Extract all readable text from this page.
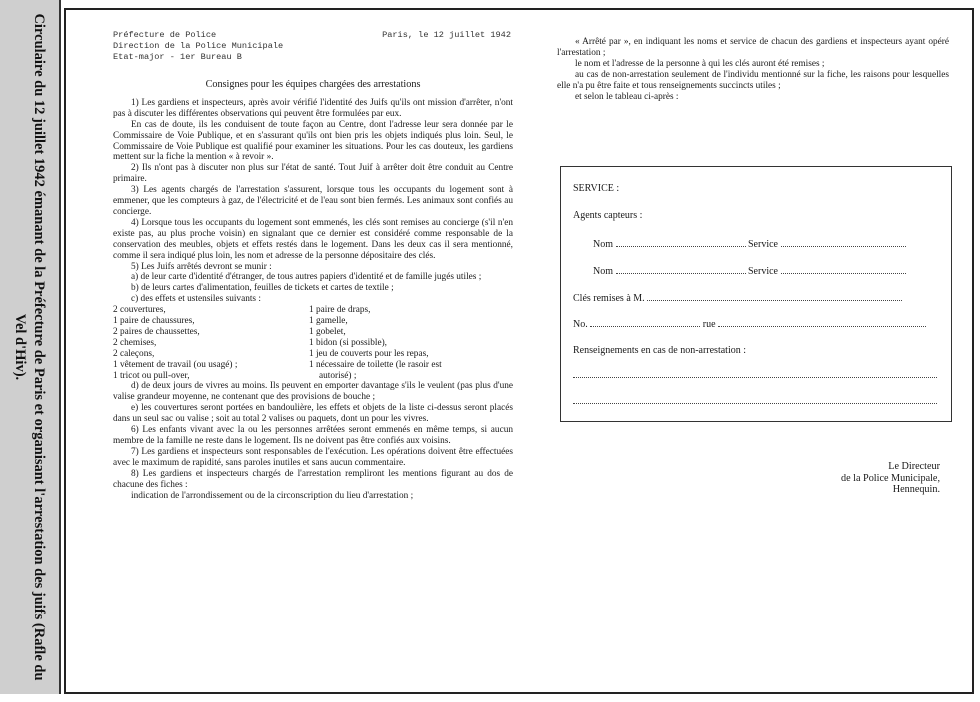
Circulaire du 12 juillet 1942 émanant de la Préfecture de Paris et organisant l'arrestation des juifs (Rafle du Vel d'Hiv).
Préfecture de Police
Direction de la Police Municipale
Etat-major - 1er Bureau B
Paris, le 12 juillet 1942
Consignes pour les équipes chargées des arrestations

1) Les gardiens et inspecteurs, après avoir vérifié l'identité des Juifs qu'ils ont mission d'arrêter, n'ont pas à discuter les différentes observations qui peuvent être formulées par eux.

En cas de doute, ils les conduisent de toute façon au Centre, dont l'adresse leur sera donnée par le Commissaire de Voie Publique, et en s'assurant qu'ils ont bien pris les objets indiqués plus loin. Seul, le Commissaire de Voie Publique est qualifié pour examiner les situations. Pour les cas douteux, les gardiens mettent sur la fiche la mention « à revoir ».

2) Ils n'ont pas à discuter non plus sur l'état de santé. Tout Juif à arrêter doit être conduit au Centre primaire.

3) Les agents chargés de l'arrestation s'assurent, lorsque tous les occupants du logement sont à emmener, que les compteurs à gaz, de l'électricité et de l'eau sont bien fermés. Les animaux sont confiés au concierge.

4) Lorsque tous les occupants du logement sont emmenés, les clés sont remises au concierge (s'il n'en existe pas, au plus proche voisin) en signalant que ce dernier est considéré comme responsable de la conservation des meubles, objets et effets restés dans le logement. Dans les deux cas il sera mentionné, comme il sera indiqué plus loin, les nom et adresse de la personne dépositaire des clés.

5) Les Juifs arrêtés devront se munir :

a) de leur carte d'identité d'étranger, de tous autres papiers d'identité et de famille jugés utiles ;

b) de leurs cartes d'alimentation, feuilles de tickets et cartes de textile ;

c) des effets et ustensiles suivants :

2 couvertures,	1 paire de draps,
1 paire de chaussures,	1 gamelle,
2 paires de chaussettes,	1 gobelet,
2 chemises,	1 bidon (si possible),
2 caleçons,	1 jeu de couverts pour les repas,
1 vêtement de travail (ou usagé) ;	1 nécessaire de toilette (le rasoir est
1 tricot ou pull-over,	autorisé) ;

d) de deux jours de vivres au moins. Ils peuvent en emporter davantage s'ils le veulent (pas plus d'une valise grandeur moyenne, ne contenant que des provisions de bouche ;

e) les couvertures seront portées en bandoulière, les effets et objets de la liste ci-dessus seront placés dans un seul sac ou valise ; soit au total 2 valises ou paquets, dont un pour les vivres.

6) Les enfants vivant avec la ou les personnes arrêtées seront emmenés en même temps, si aucun membre de la famille ne reste dans le logement. Ils ne doivent pas être confiés aux voisins.

7) Les gardiens et inspecteurs sont responsables de l'exécution. Les opérations doivent être effectuées avec le maximum de rapidité, sans paroles inutiles et sans aucun commentaire.

8) Les gardiens et inspecteurs chargés de l'arrestation rempliront les mentions figurant au dos de chacune des fiches :

indication de l'arrondissement ou de la circonscription du lieu d'arrestation ;

« Arrêté par », en indiquant les noms et service de chacun des gardiens et inspecteurs ayant opéré l'arrestation ;

le nom et l'adresse de la personne à qui les clés auront été remises ;

au cas de non-arrestation seulement de l'individu mentionné sur la fiche, les raisons pour lesquelles elle n'a pu être faite et tous renseignements succincts utiles ;

et selon le tableau ci-après :

SERVICE :
Agents capteurs :
Nom	Service
Nom	Service
Clés remises à M.
No.	rue
Renseignements en cas de non-arrestation :
Le Directeur
de la Police Municipale,
Hennequin.
